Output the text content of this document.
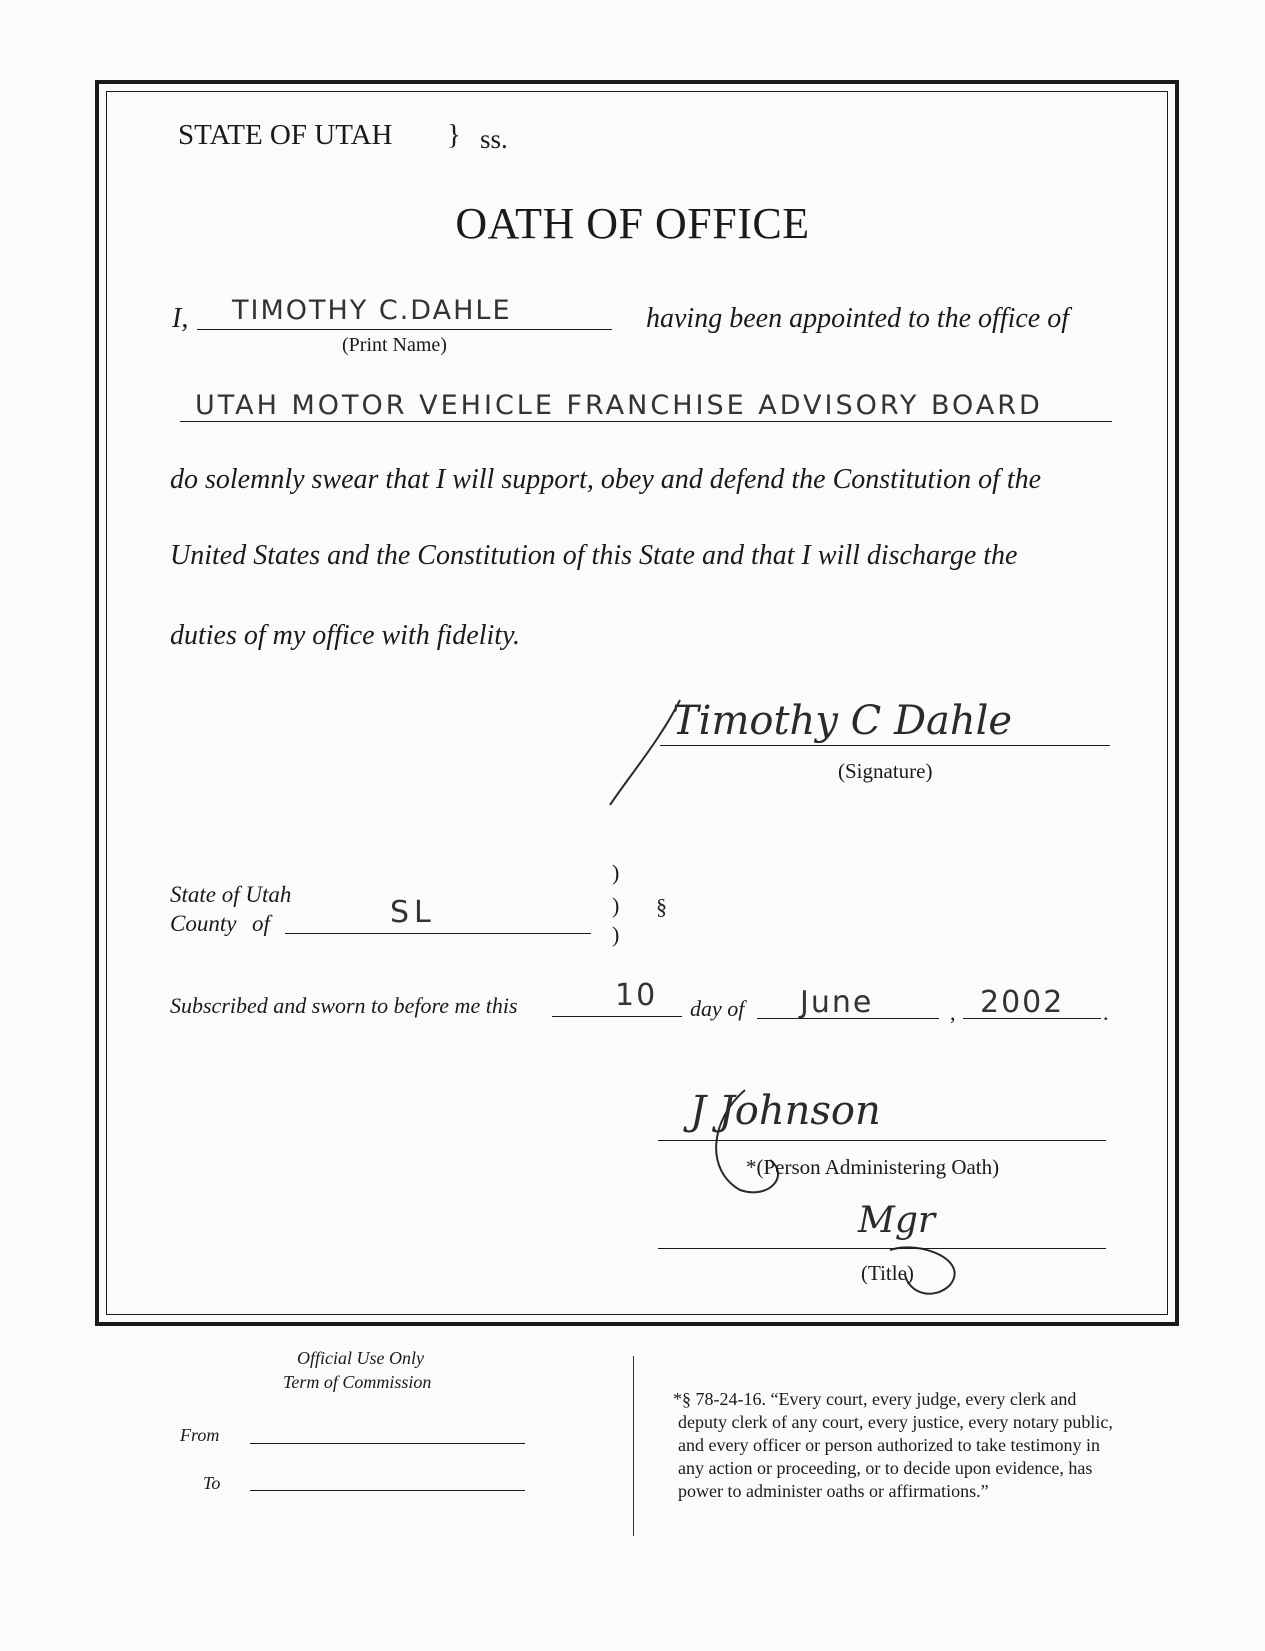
STATE OF UTAH } ss.
OATH OF OFFICE
I, TIMOTHY C.DAHLE
(Print Name)
having been appointed to the office of
UTAH MOTOR VEHICLE FRANCHISE ADVISORY BOARD
do solemnly swear that I will support, obey and defend the Constitution of the
United States and the Constitution of this State and that I will discharge the
duties of my office with fidelity.
Timothy C Dahle
(Signature)
State of Utah
County of	SL
)
)
)
§
Subscribed and sworn to before me this	10 day of June	, 2002 .
J Johnson
*(Person Administering Oath)
Mgr
(Title)
Official Use Only
Term of Commission
From
To
*§ 78-24-16. “Every court, every judge, every clerk and
deputy clerk of any court, every justice, every notary public,
and every officer or person authorized to take testimony in
any action or proceeding, or to decide upon evidence, has
power to administer oaths or affirmations.”
